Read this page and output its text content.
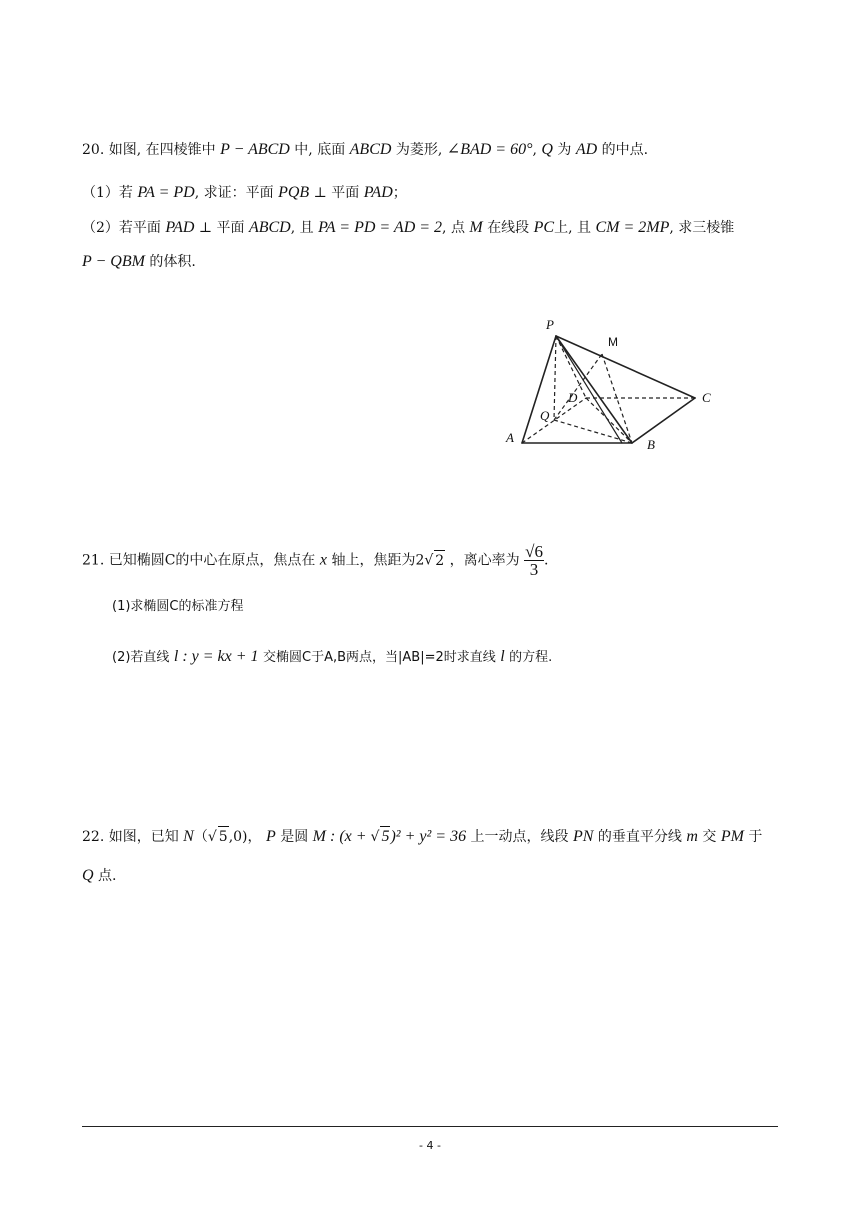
20. 如图, 在四棱锥中 P − ABCD 中, 底面 ABCD 为菱形, ∠BAD = 60°, Q 为 AD 的中点.
（1）若 PA = PD, 求证：平面 PQB ⊥ 平面 PAD；
（2）若平面 PAD ⊥ 平面 ABCD, 且 PA = PD = AD = 2, 点 M 在线段 PC上, 且 CM = 2MP, 求三棱锥
P − QBM 的体积.
P
M
C
D
Q
A	B
21. 已知椭圆C的中心在原点，焦点在 x 轴上，焦距为2√ 2 ，离心率为 $\frac{√6}{3}$ .
(1)求椭圆C的标准方程
(2)若直线 l : y = kx + 1 交椭圆C于A,B两点，当|AB|=2时求直线 l 的方程.
22. 如图，已知 N（√ 5,0)， P 是圆 M : (x + √ 5)² + y² = 36 上一动点，线段 PN 的垂直平分线 m 交 PM 于
Q 点.
- 4 -
